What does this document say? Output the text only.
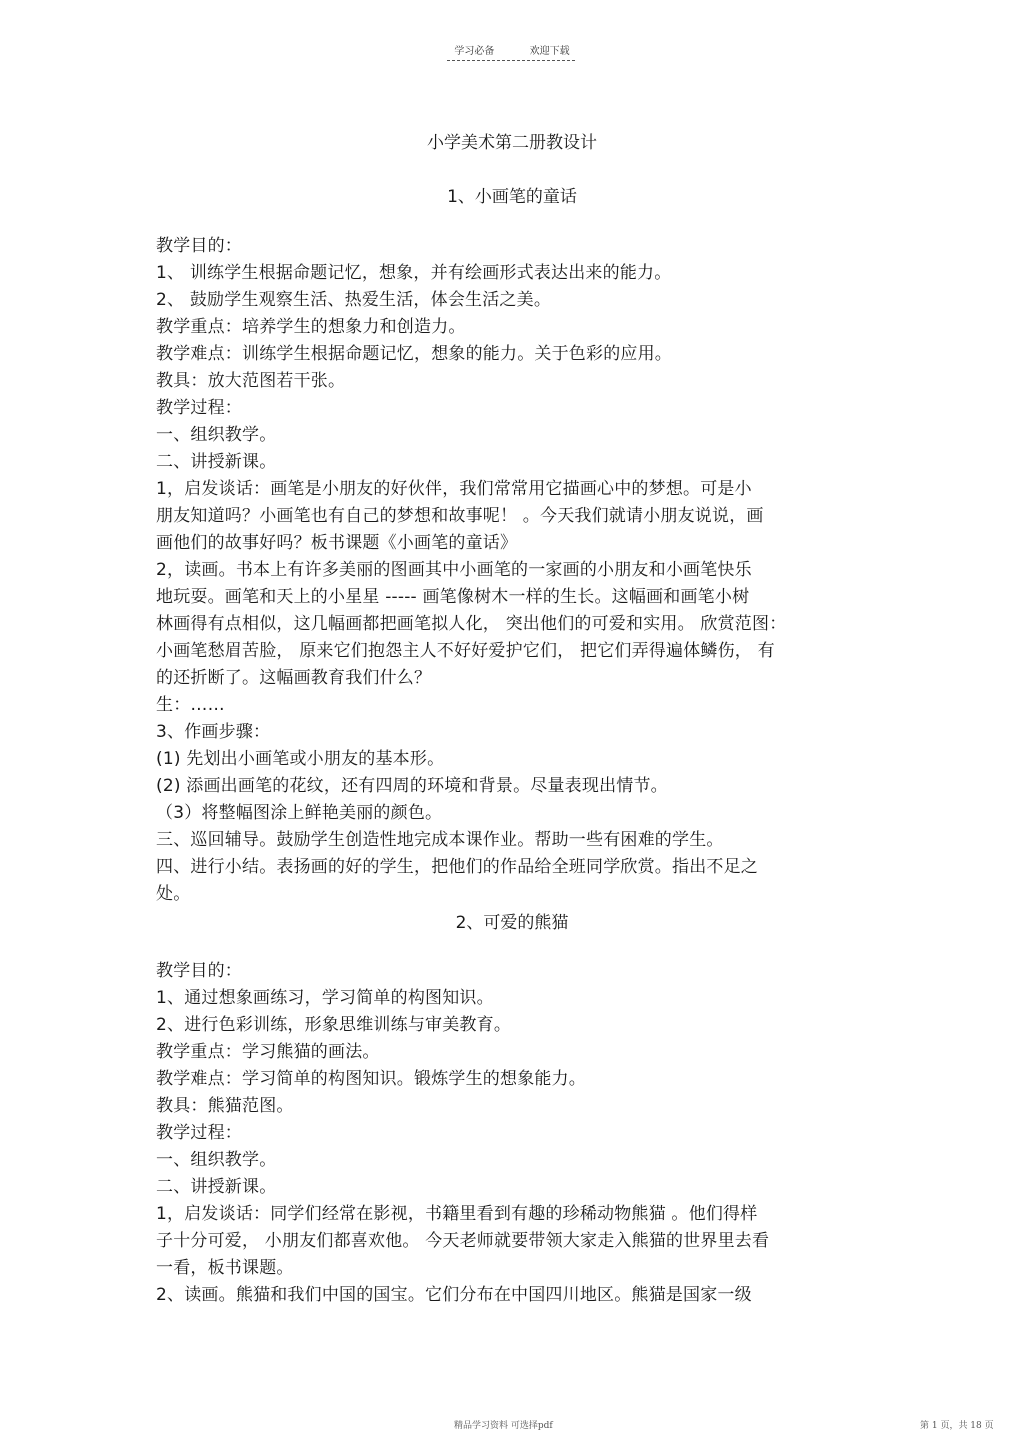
学习必备	欢迎下载
小学美术第二册教设计
1、小画笔的童话
教学目的：
1、 训练学生根据命题记忆，想象，并有绘画形式表达出来的能力。
2、 鼓励学生观察生活、热爱生活，体会生活之美。
教学重点：培养学生的想象力和创造力。
教学难点：训练学生根据命题记忆，想象的能力。关于色彩的应用。
教具：放大范图若干张。
教学过程：
一、组织教学。
二、讲授新课。
1，启发谈话：画笔是小朋友的好伙伴，我们常常用它描画心中的梦想。可是小
朋友知道吗？小画笔也有自己的梦想和故事呢！ 。今天我们就请小朋友说说，画
画他们的故事好吗？板书课题《小画笔的童话》
2，读画。书本上有许多美丽的图画其中小画笔的一家画的小朋友和小画笔快乐
地玩耍。画笔和天上的小星星 ----- 画笔像树木一样的生长。这幅画和画笔小树
林画得有点相似，这几幅画都把画笔拟人化， 突出他们的可爱和实用。 欣赏范图：
小画笔愁眉苦脸， 原来它们抱怨主人不好好爱护它们， 把它们弄得遍体鳞伤， 有
的还折断了。这幅画教育我们什么？
生：……
3、作画步骤：
(1) 先划出小画笔或小朋友的基本形。
(2) 添画出画笔的花纹，还有四周的环境和背景。尽量表现出情节。
（3）将整幅图涂上鲜艳美丽的颜色。
三、巡回辅导。鼓励学生创造性地完成本课作业。帮助一些有困难的学生。
四、进行小结。表扬画的好的学生，把他们的作品给全班同学欣赏。指出不足之
处。
2、可爱的熊猫
教学目的：
1、通过想象画练习，学习简单的构图知识。
2、进行色彩训练，形象思维训练与审美教育。
教学重点：学习熊猫的画法。
教学难点：学习简单的构图知识。锻炼学生的想象能力。
教具：熊猫范图。
教学过程：
一、组织教学。
二、讲授新课。
1，启发谈话：同学们经常在影视，书籍里看到有趣的珍稀动物熊猫 。他们得样
子十分可爱， 小朋友们都喜欢他。 今天老师就要带领大家走入熊猫的世界里去看
一看，板书课题。
2、读画。熊猫和我们中国的国宝。它们分布在中国四川地区。熊猫是国家一级
精品学习资料 可选择pdf	第 1 页，共 18 页
